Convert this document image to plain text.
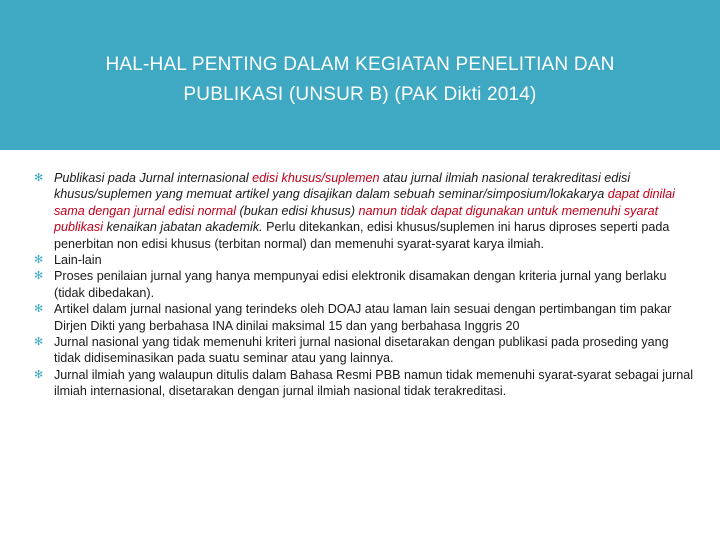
HAL-HAL PENTING DALAM KEGIATAN PENELITIAN DAN
PUBLIKASI (UNSUR B) (PAK Dikti 2014)
✻ Publikasi pada Jurnal internasional edisi khusus/suplemen atau jurnal ilmiah nasional terakreditasi edisi khusus/suplemen yang memuat artikel yang disajikan dalam sebuah seminar/simposium/lokakarya dapat dinilai sama dengan jurnal edisi normal (bukan edisi khusus) namun tidak dapat digunakan untuk memenuhi syarat publikasi kenaikan jabatan akademik. Perlu ditekankan, edisi khusus/suplemen ini harus diproses seperti pada penerbitan non edisi khusus (terbitan normal) dan memenuhi syarat-syarat karya ilmiah.
✻ Lain-lain
✻ Proses penilaian jurnal yang hanya mempunyai edisi elektronik disamakan dengan kriteria jurnal yang berlaku (tidak dibedakan).
✻ Artikel dalam jurnal nasional yang terindeks oleh DOAJ atau laman lain sesuai dengan pertimbangan tim pakar Dirjen Dikti yang berbahasa INA dinilai maksimal 15 dan yang berbahasa Inggris 20
✻ Jurnal nasional yang tidak memenuhi kriteri jurnal nasional disetarakan dengan publikasi pada proseding yang tidak didiseminasikan pada suatu seminar atau yang lainnya.
✻ Jurnal ilmiah yang walaupun ditulis dalam Bahasa Resmi PBB namun tidak memenuhi syarat-syarat sebagai jurnal ilmiah internasional, disetarakan dengan jurnal ilmiah nasional tidak terakreditasi.
